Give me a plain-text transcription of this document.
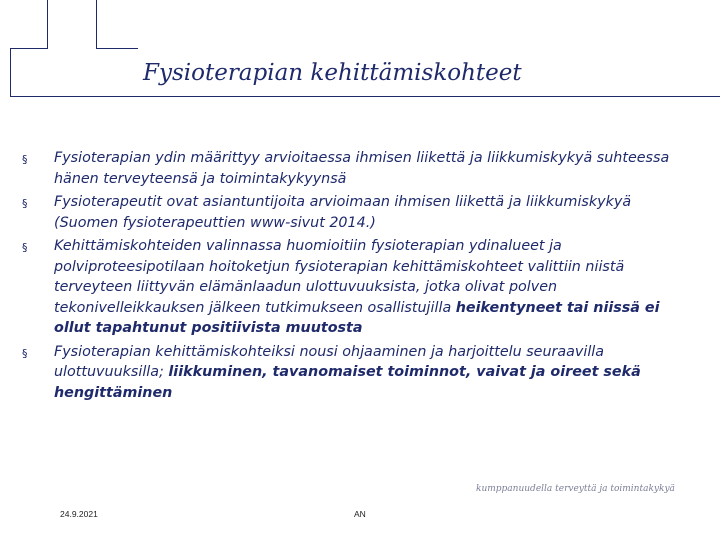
Fysioterapian kehittämiskohteet
§ Fysioterapian ydin määrittyy arvioitaessa ihmisen liikettä ja liikkumiskykyä suhteessa hänen terveyteensä ja toimintakykyynsä
§ Fysioterapeutit ovat asiantuntijoita arvioimaan ihmisen liikettä ja liikkumiskykyä (Suomen fysioterapeuttien www-sivut 2014.)
§ Kehittämiskohteiden valinnassa huomioitiin fysioterapian ydinalueet ja polviproteesipotilaan hoitoketjun fysioterapian kehittämiskohteet valittiin niistä terveyteen liittyvän elämänlaadun ulottuvuuksista, jotka olivat polven tekonivelleikkauksen jälkeen tutkimukseen osallistujilla heikentyneet tai niissä ei ollut tapahtunut positiivista muutosta
§ Fysioterapian kehittämiskohteiksi nousi ohjaaminen ja harjoittelu seuraavilla ulottuvuuksilla; liikkuminen, tavanomaiset toiminnot, vaivat ja oireet sekä hengittäminen
kumppanuudella terveyttä ja toimintakykyä
24.9.2021	AN
